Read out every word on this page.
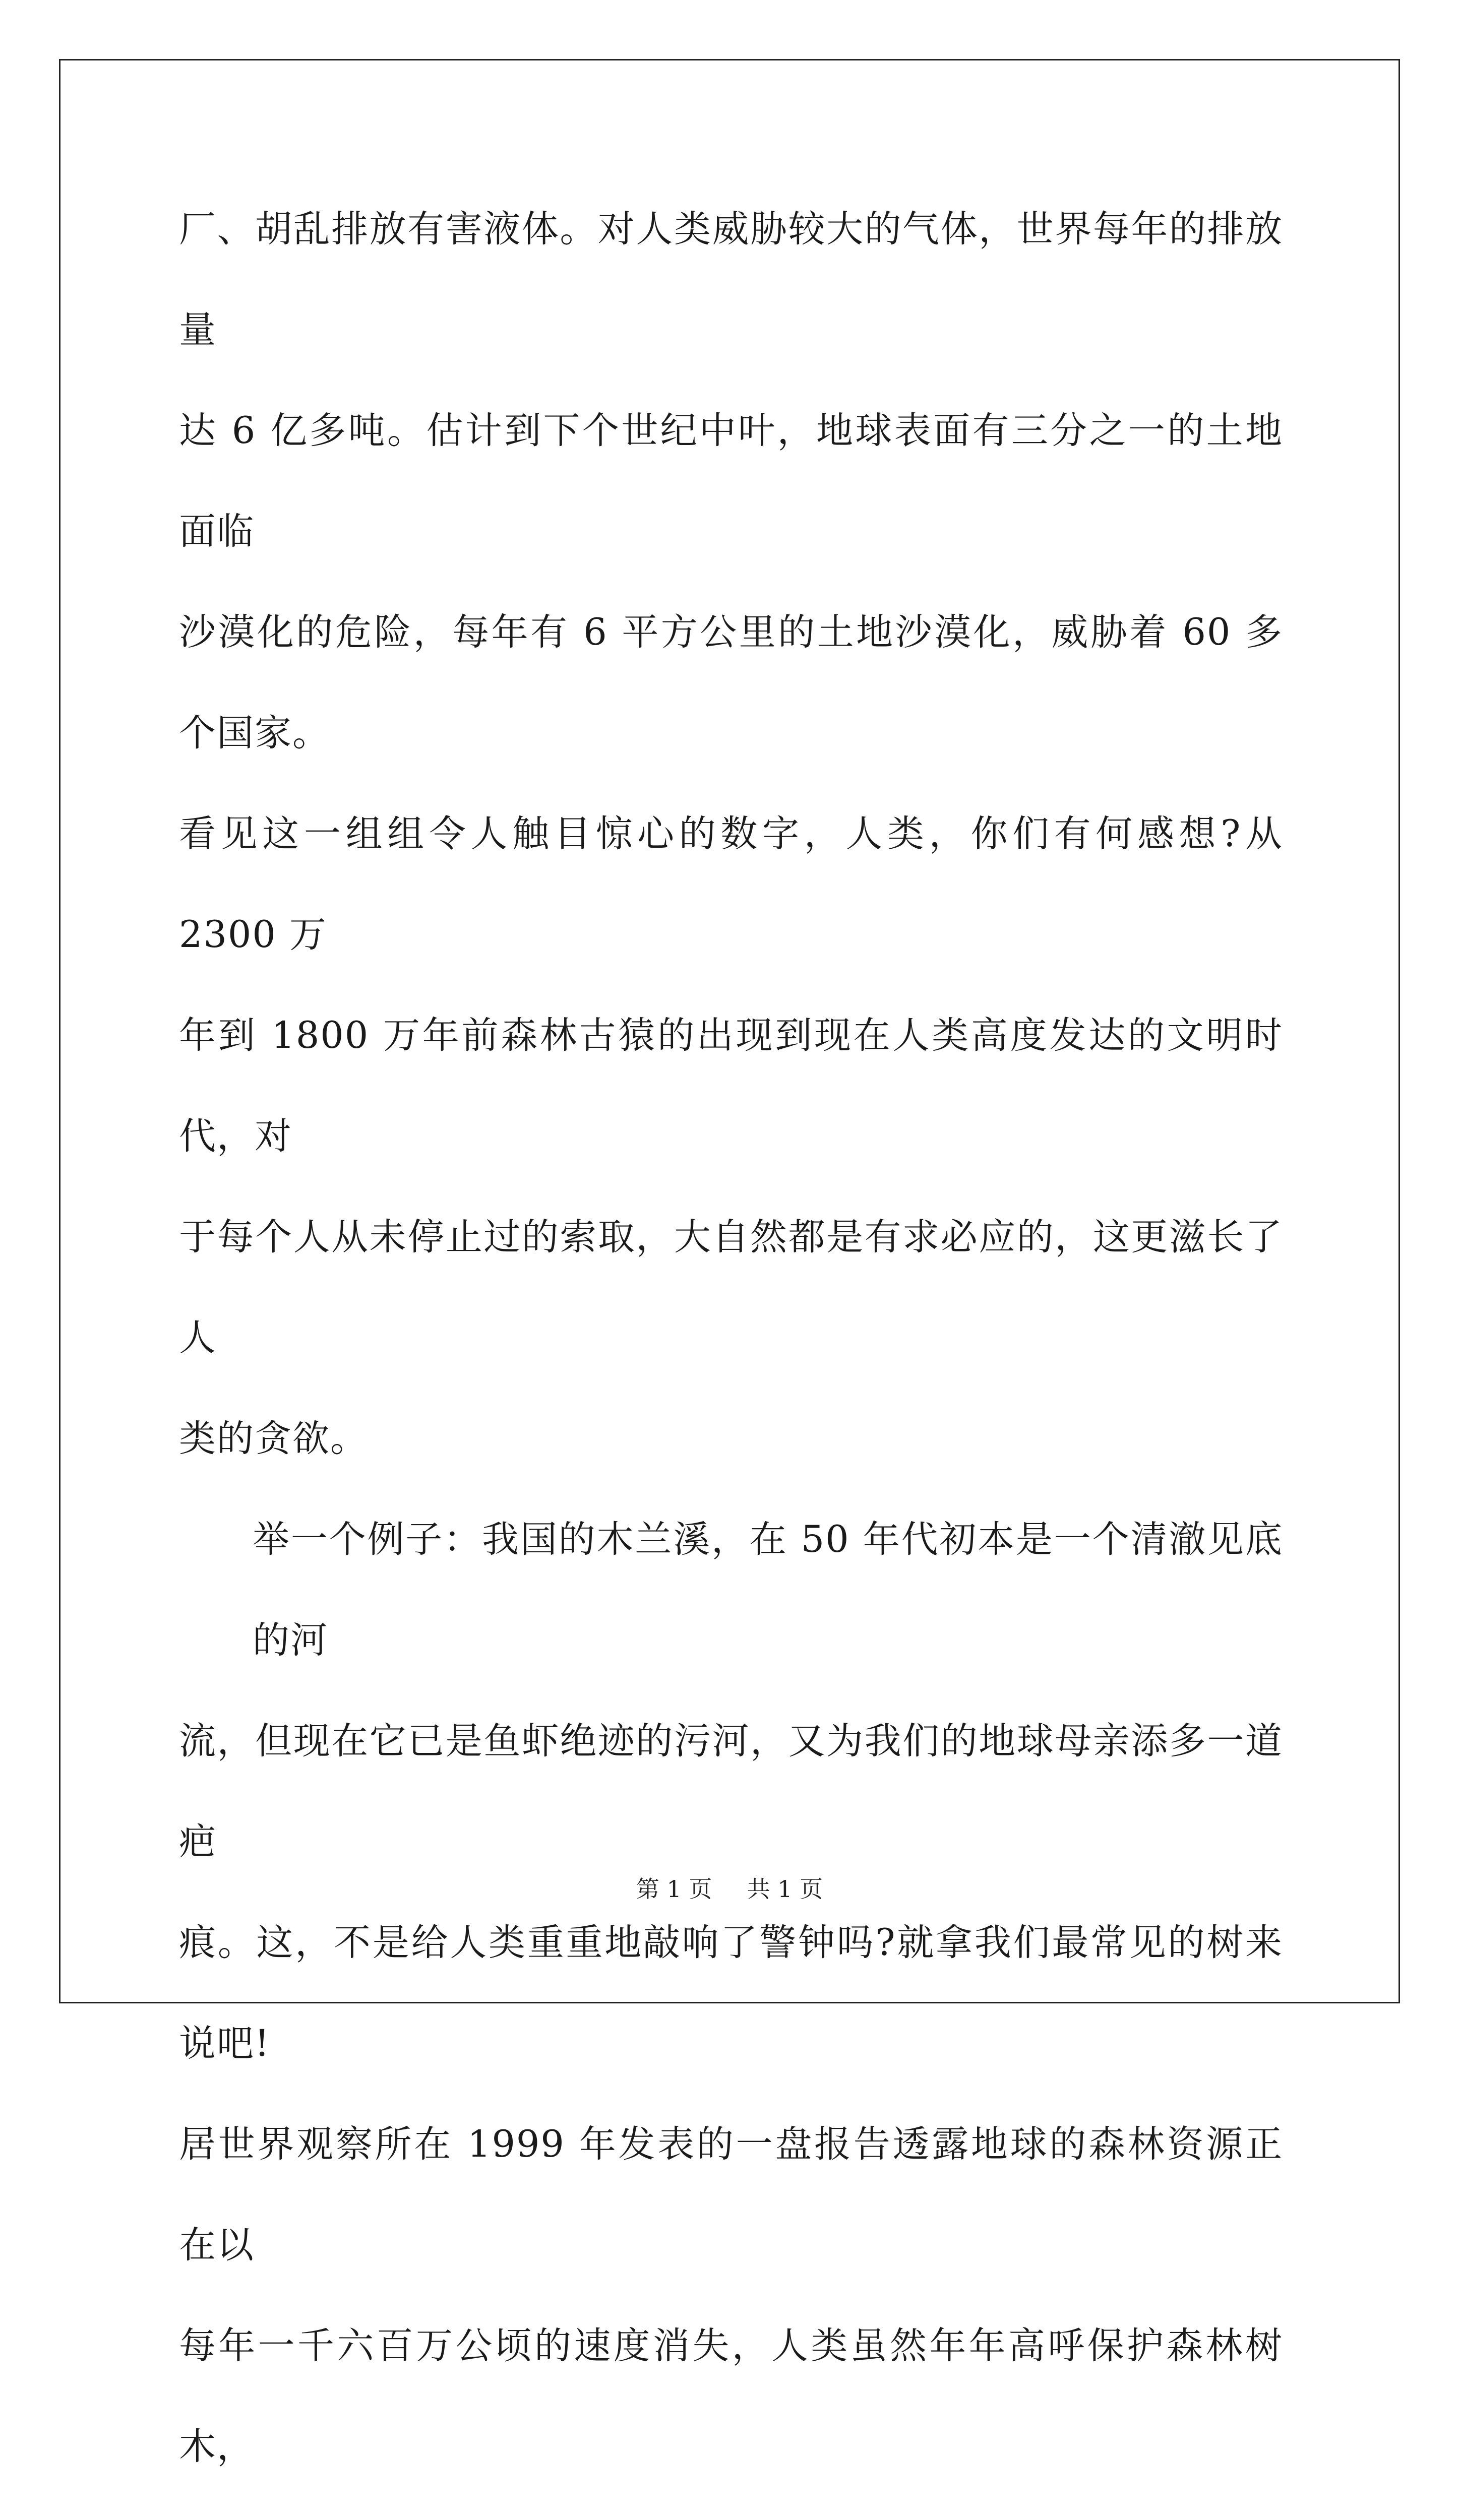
厂、胡乱排放有害液体。对人类威胁较大的气体，世界每年的排放量
达 6 亿多吨。估计到下个世纪中叶，地球表面有三分之一的土地面临
沙漠化的危险，每年有 6 平方公里的土地沙漠化，威胁着 60 多个国家。
看见这一组组令人触目惊心的数字，人类，你们有何感想?从 2300 万
年到 1800 万年前森林古猿的出现到现在人类高度发达的文明时代，对
于每个人从未停止过的索取，大自然都是有求必应的，这更滋长了人
类的贪欲。
举一个例子：我国的木兰溪，在 50 年代初本是一个清澈见底的河
流，但现在它已是鱼虾绝迹的污河，又为我们的地球母亲添多一道疤
痕。这，不是给人类重重地敲响了警钟吗?就拿我们最常见的树来说吧!
居世界观察所在 1999 年发表的一盘报告透露地球的森林资源正在以
每年一千六百万公顷的速度消失，人类虽然年年高呼保护森林树木，
第 1 页 共 1 页
